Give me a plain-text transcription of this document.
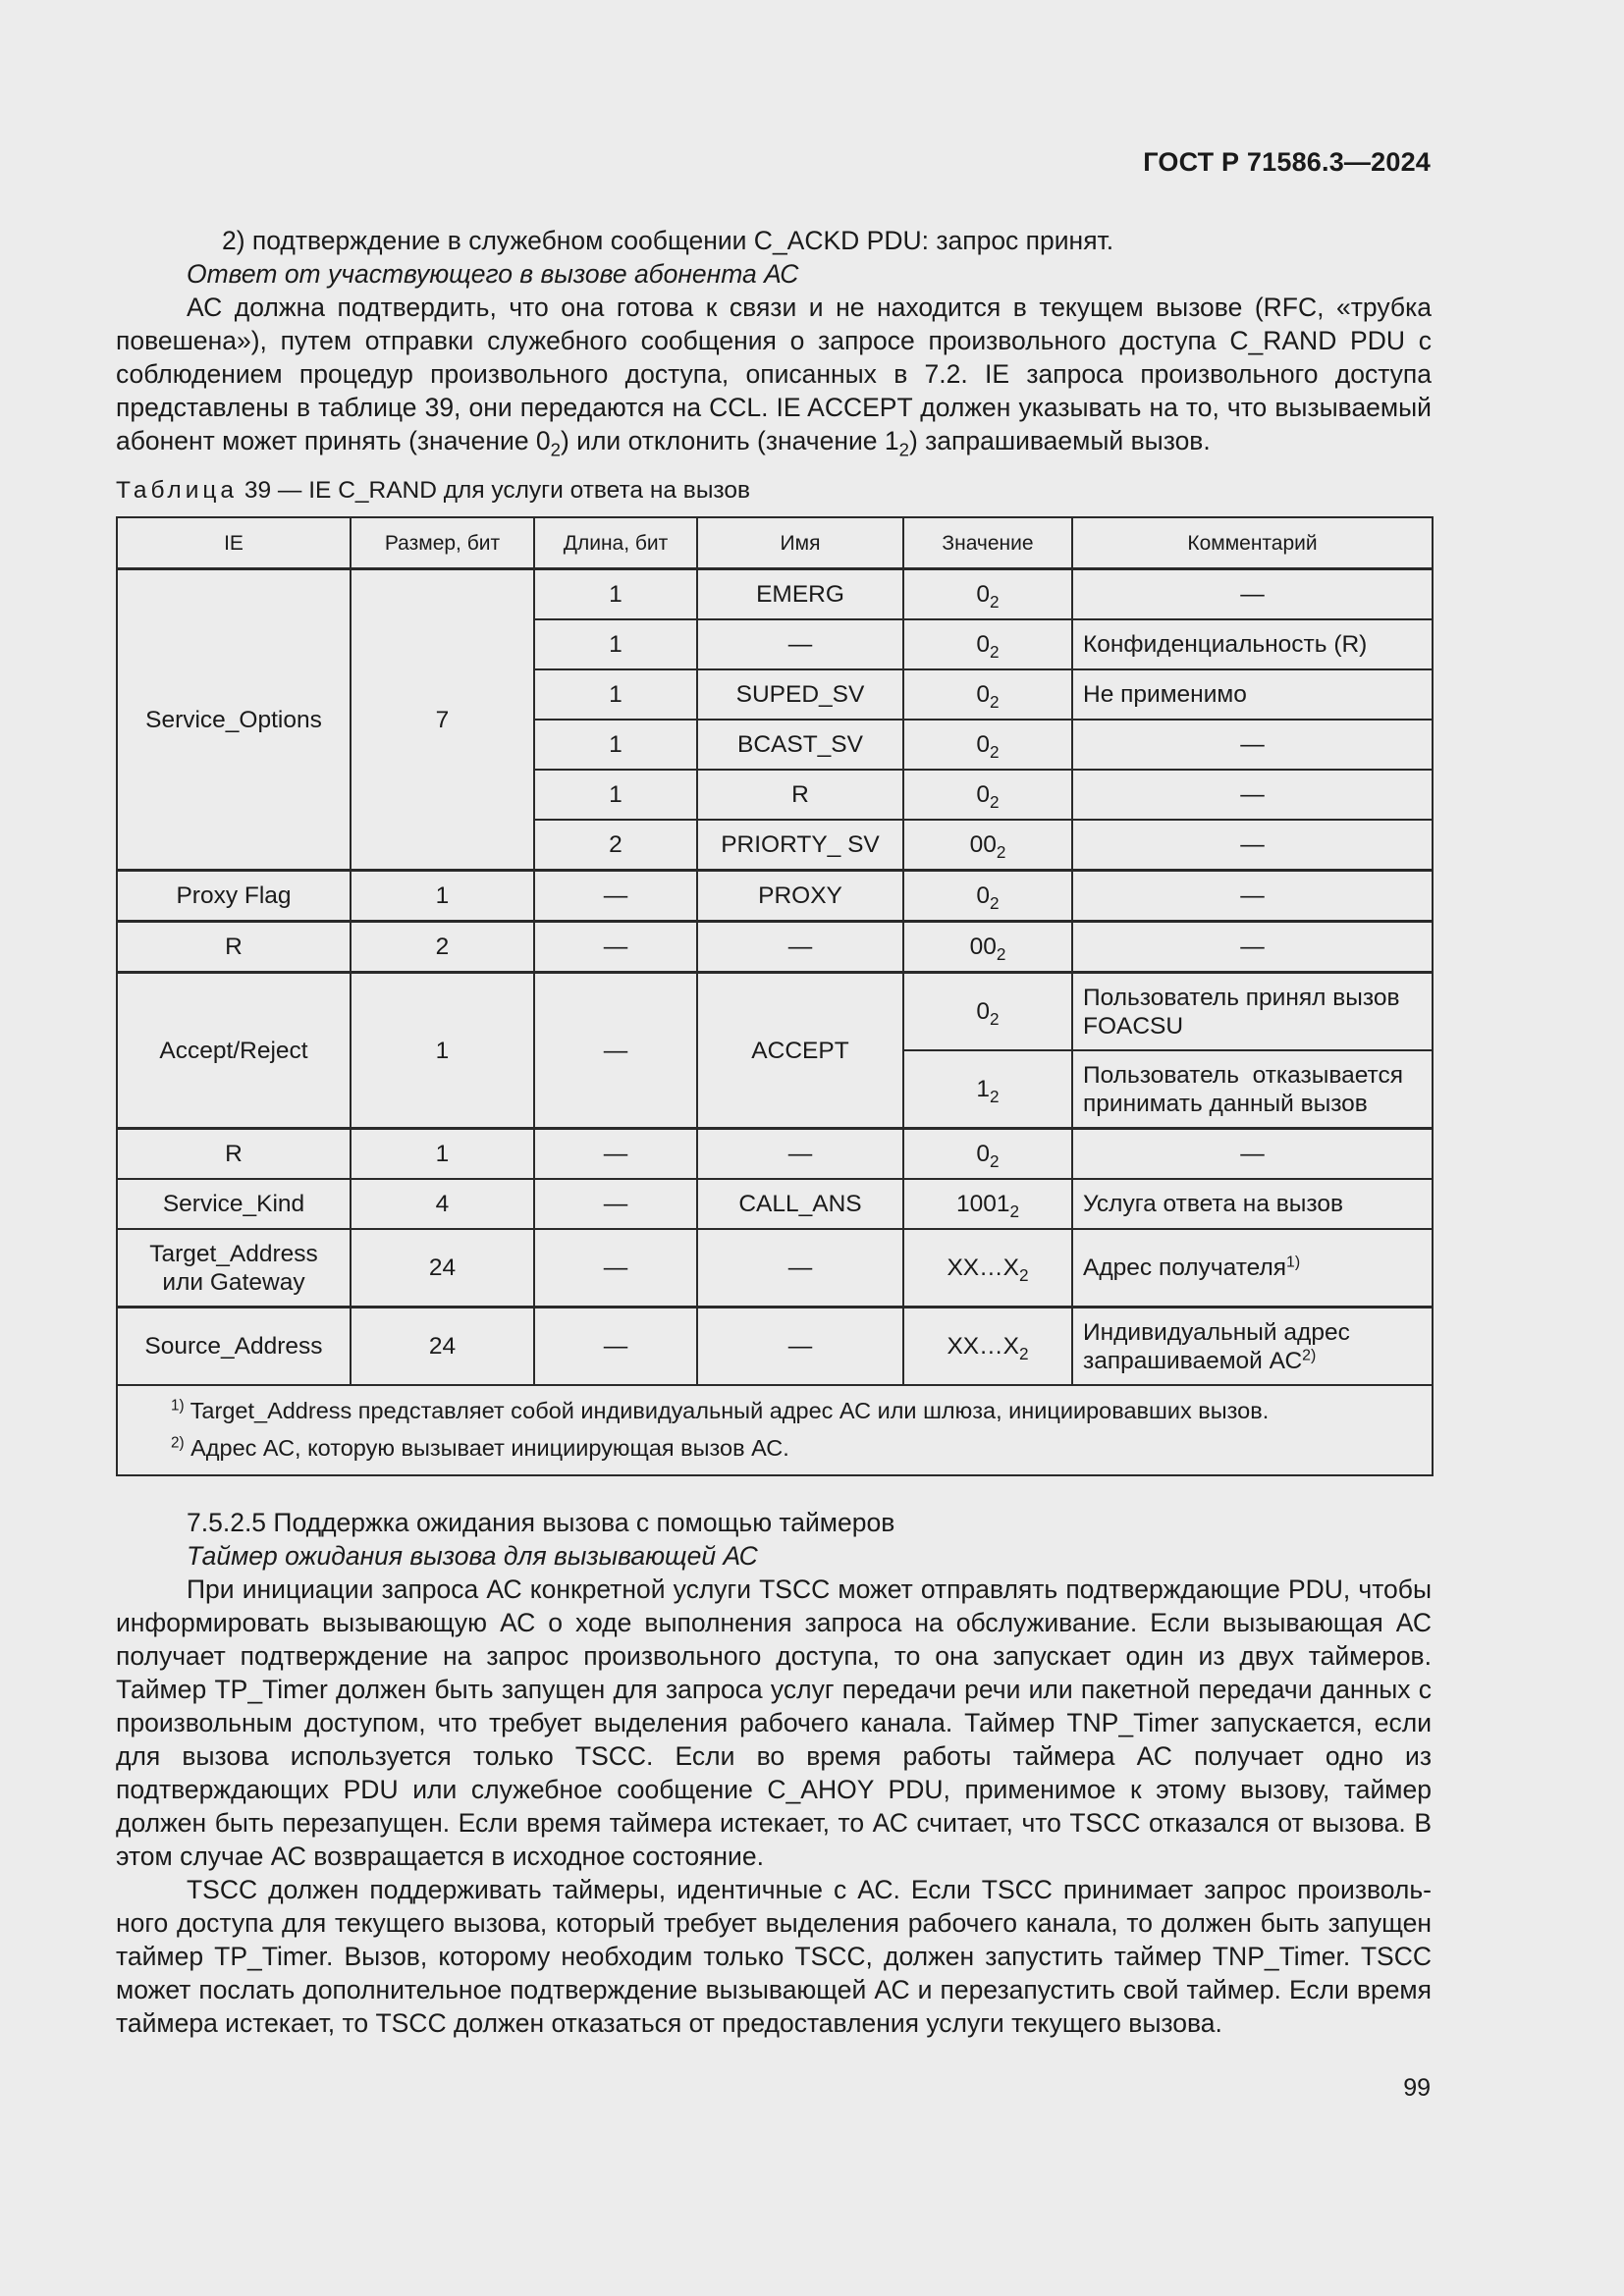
ГОСТ Р 71586.3—2024

2) подтверждение в служебном сообщении C_ACKD PDU: запрос принят.

Ответ от участвующего в вызове абонента АС

АС должна подтвердить, что она готова к связи и не находится в текущем вызове (RFC, «трубка повешена»), путем отправки служебного сообщения о запросе произвольного доступа C_RAND PDU с соблюдением процедур произвольного доступа, описанных в 7.2. IE запроса произвольного доступа представлены в таблице 39, они передаются на CCL. IE ACCEPT должен указывать на то, что вызываемый абонент может принять (значение $0_2$) или отклонить (значение $1_2$) запрашиваемый вызов.

Таблица 39 — IE C_RAND для услуги ответа на вызов
IE	Размер, бит	Длина, бит	Имя	Значение	Комментарий
Service_Options	7	1	EMERG	$0_2$	—
		1	—	$0_2$	Конфиденциальность (R)
		1	SUPED_SV	$0_2$	Не применимо
		1	BCAST_SV	$0_2$	—
		1	R	$0_2$	—
		2	PRIORTY_ SV	$00_2$	—
Proxy Flag	1	—	PROXY	$0_2$	—
R	2	—	—	$00_2$	—
Accept/Reject	1	—	ACCEPT	$0_2$	Пользователь принял вызов FOACSU
				$1_2$	Пользователь  отказывается принимать данный вызов
R	1	—	—	$0_2$	—
Service_Kind	4	—	CALL_ANS	$1001_2$	Услуга ответа на вызов

Target_Address
или Gateway	24	—	—	$XX\dots X_2$	Адрес получателя$^{1)}$
Source_Address	24	—	—	$XX\dots X_2$	Индивидуальный адрес запрашиваемой АС$^{2)}$

$^{1)}$ Target_Address представляет собой индивидуальный адрес АС или шлюза, инициировавших вызов.
$^{2)}$ Адрес АС, которую вызывает инициирующая вызов АС.					

7.5.2.5 Поддержка ожидания вызова с помощью таймеров

Таймер ожидания вызова для вызывающей АС

При инициации запроса АС конкретной услуги TSCC может отправлять подтверждающие PDU, чтобы информировать вызывающую АС о ходе выполнения запроса на обслуживание. Если вызывающая АС получает подтверждение на запрос произвольного доступа, то она запускает один из двух таймеров. Таймер TP_Timer должен быть запущен для запроса услуг передачи речи или пакетной передачи данных с произвольным доступом, что требует выделения рабочего канала. Таймер TNP_Timer запускается, если для вызова используется только TSCC. Если во время работы таймера АС получает одно из подтверждающих PDU или служебное сообщение C_AHOY PDU, применимое к этому вызову, таймер должен быть перезапущен. Если время таймера истекает, то АС считает, что TSCC отказался от вызова. В этом случае АС возвращается в исходное состояние.

TSCC должен поддерживать таймеры, идентичные с АС. Если TSCC принимает запрос произвольного доступа для текущего вызова, который требует выделения рабочего канала, то должен быть запущен таймер TP_Timer. Вызов, которому необходим только TSCC, должен запустить таймер TNP_Timer. TSCC может послать дополнительное подтверждение вызывающей АС и перезапустить свой таймер. Если время таймера истекает, то TSCC должен отказаться от предоставления услуги текущего вызова.

99
